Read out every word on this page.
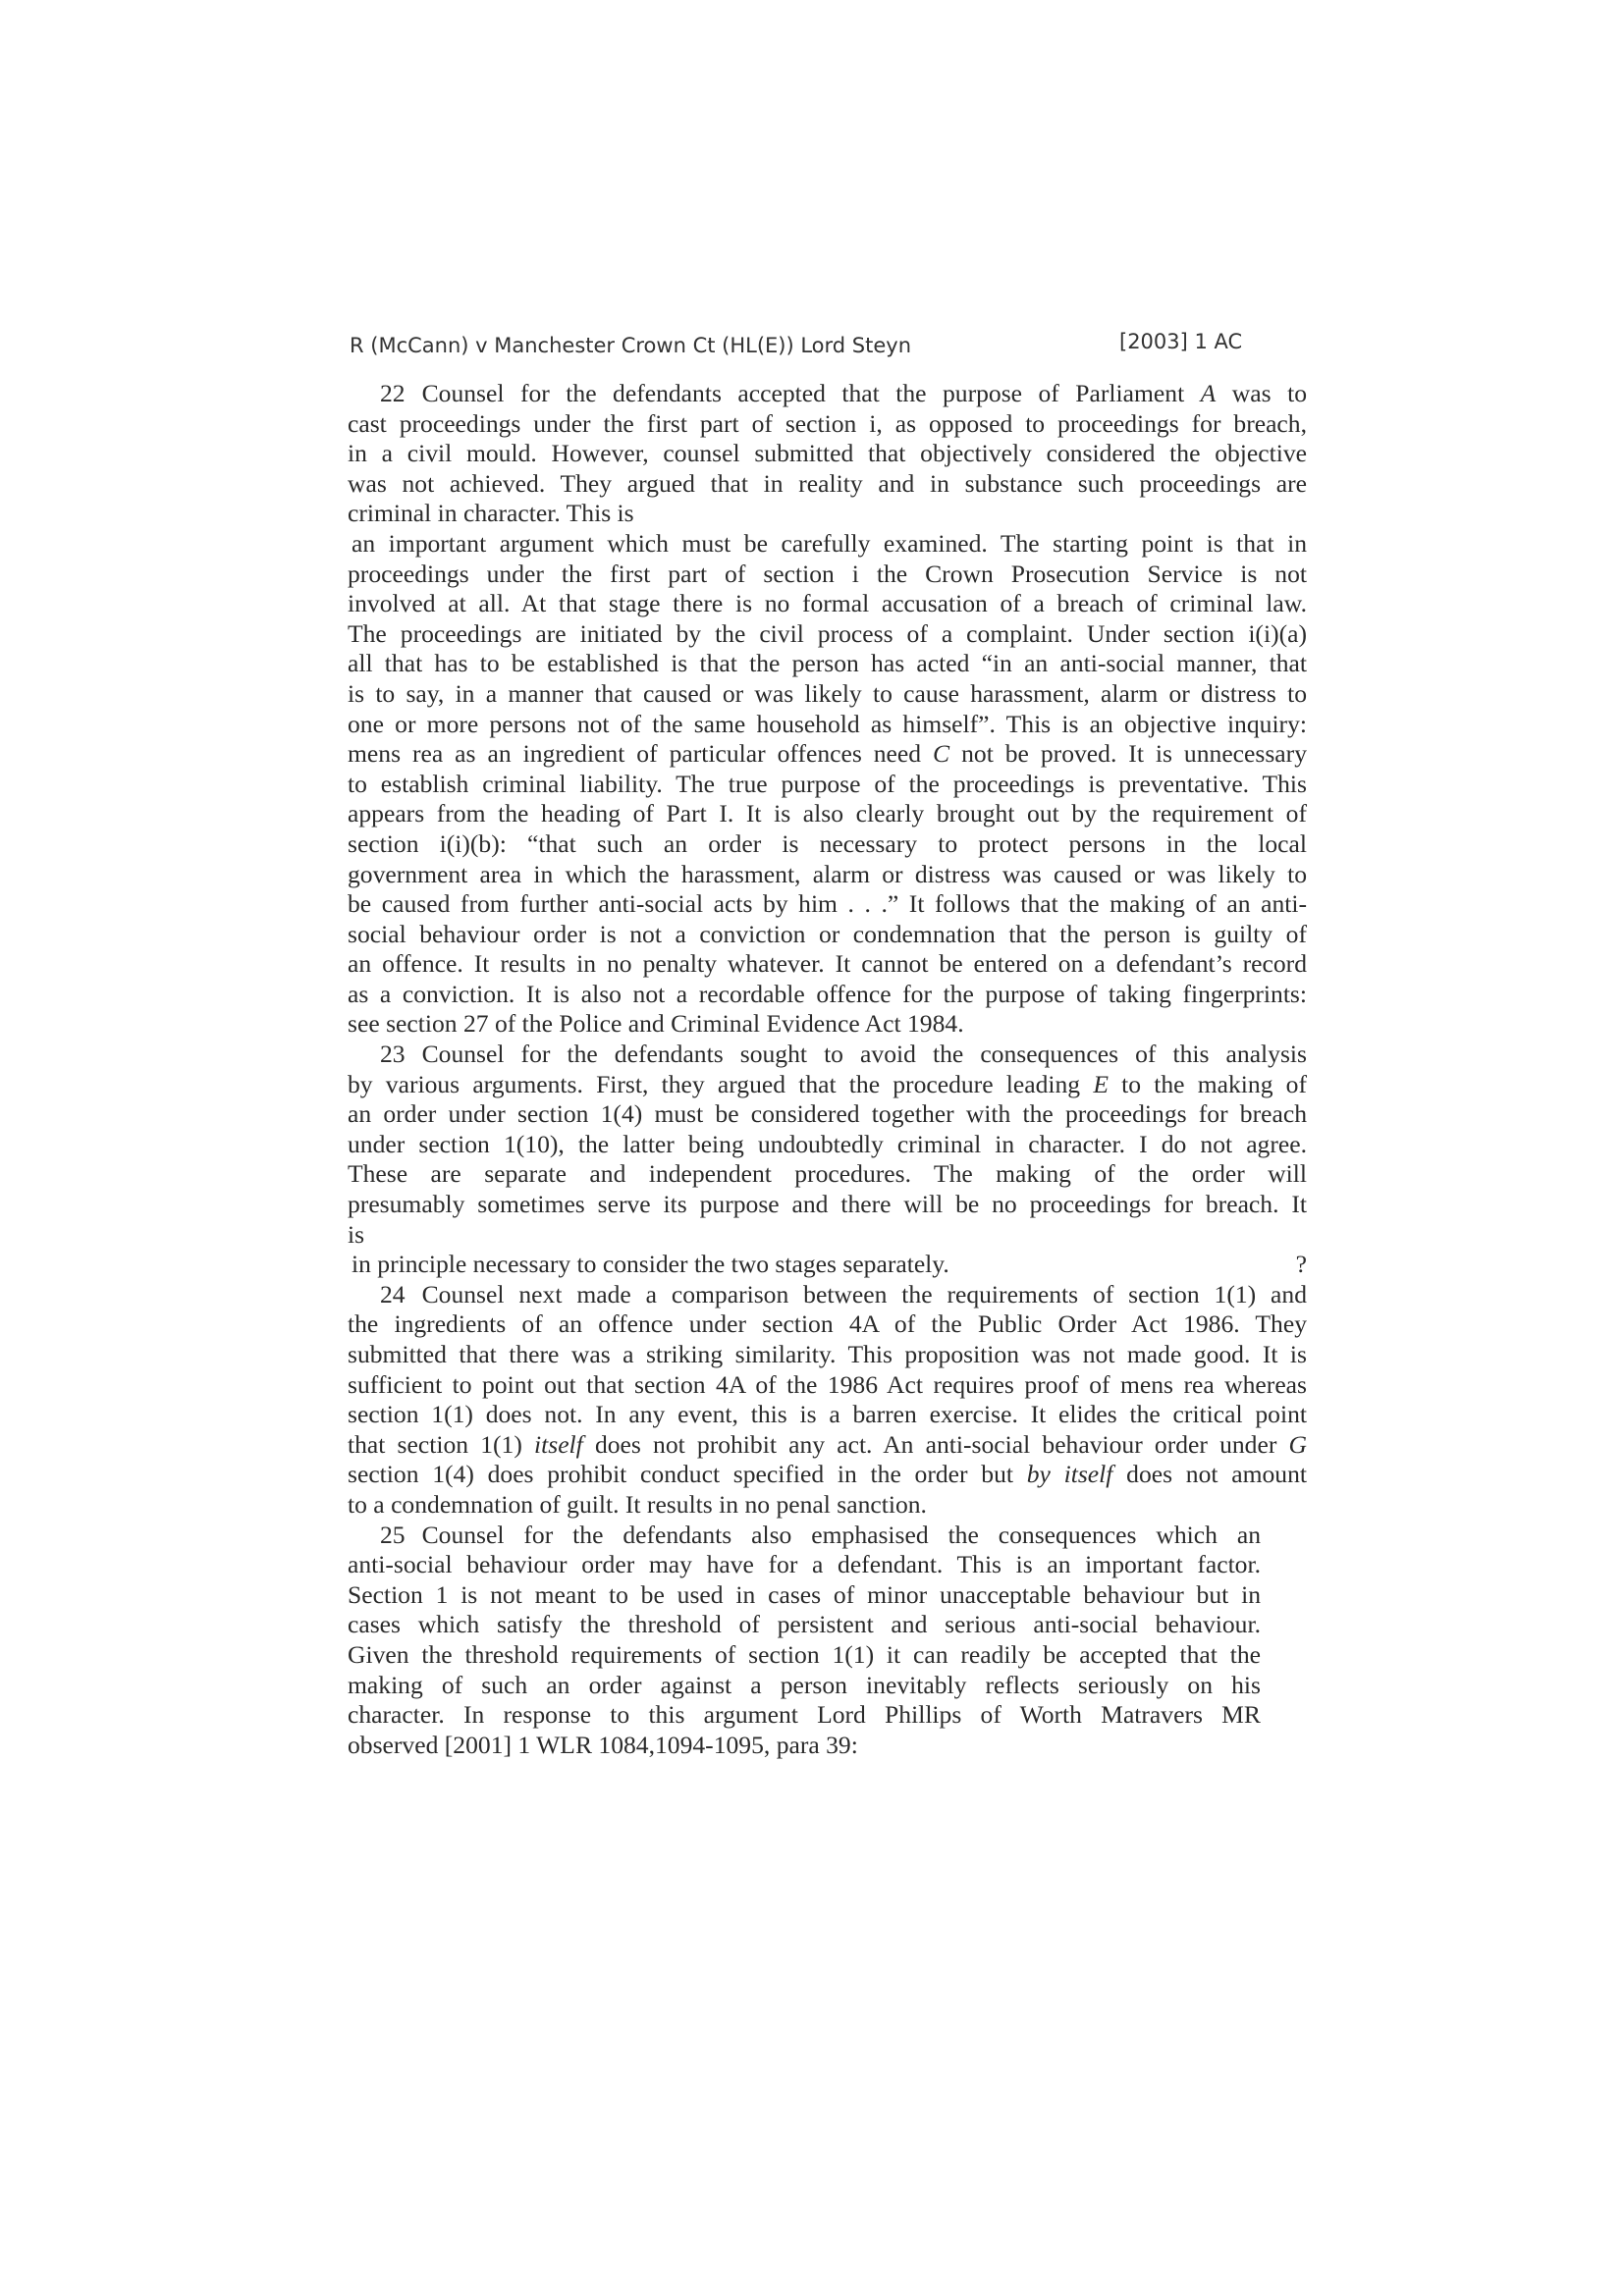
R (McCann) v Manchester Crown Ct (HL(E)) Lord Steyn	[2003] 1 AC
22 Counsel for the defendants accepted that the purpose of Parliament A was to
cast proceedings under the first part of section i, as opposed to proceedings for breach,
in a civil mould. However, counsel submitted that objectively considered the objective
was not achieved. They argued that in reality and in substance such proceedings are
criminal in character. This is
an important argument which must be carefully examined. The starting point is that in
proceedings under the first part of section i the Crown Prosecution Service is not
involved at all. At that stage there is no formal accusation of a breach of criminal law.
The proceedings are initiated by the civil process of a complaint. Under section i(i)(a)
all that has to be established is that the person has acted “in an anti-social manner, that
is to say, in a manner that caused or was likely to cause harassment, alarm or distress to
one or more persons not of the same household as himself”. This is an objective inquiry:
mens rea as an ingredient of particular offences need C not be proved. It is unnecessary
to establish criminal liability. The true purpose of the proceedings is preventative. This
appears from the heading of Part I. It is also clearly brought out by the requirement of
section i(i)(b): “that such an order is necessary to protect persons in the local
government area in which the harassment, alarm or distress was caused or was likely to
be caused from further anti-social acts by him . . .” It follows that the making of an anti-
social behaviour order is not a conviction or condemnation that the person is guilty of
an offence. It results in no penalty whatever. It cannot be entered on a defendant’s record
as a conviction. It is also not a recordable offence for the purpose of taking fingerprints:
see section 27 of the Police and Criminal Evidence Act 1984.
23 Counsel for the defendants sought to avoid the consequences of this analysis
by various arguments. First, they argued that the procedure leading E to the making of
an order under section 1(4) must be considered together with the proceedings for breach
under section 1(10), the latter being undoubtedly criminal in character. I do not agree.
These are separate and independent procedures. The making of the order will
presumably sometimes serve its purpose and there will be no proceedings for breach. It
is
in principle necessary to consider the two stages separately.	?
24 Counsel next made a comparison between the requirements of section 1(1) and
the ingredients of an offence under section 4A of the Public Order Act 1986. They
submitted that there was a striking similarity. This proposition was not made good. It is
sufficient to point out that section 4A of the 1986 Act requires proof of mens rea whereas
section 1(1) does not. In any event, this is a barren exercise. It elides the critical point
that section 1(1) itself does not prohibit any act. An anti-social behaviour order under G
section 1(4) does prohibit conduct specified in the order but by itself does not amount
to a condemnation of guilt. It results in no penal sanction.
25 Counsel for the defendants also emphasised the consequences which an
anti-social behaviour order may have for a defendant. This is an important factor.
Section 1 is not meant to be used in cases of minor unacceptable behaviour but in
cases which satisfy the threshold of persistent and serious anti-social behaviour.
Given the threshold requirements of section 1(1) it can readily be accepted that the
making of such an order against a person inevitably reflects seriously on his
character. In response to this argument Lord Phillips of Worth Matravers MR
observed [2001] 1 WLR 1084,1094-1095, para 39:
